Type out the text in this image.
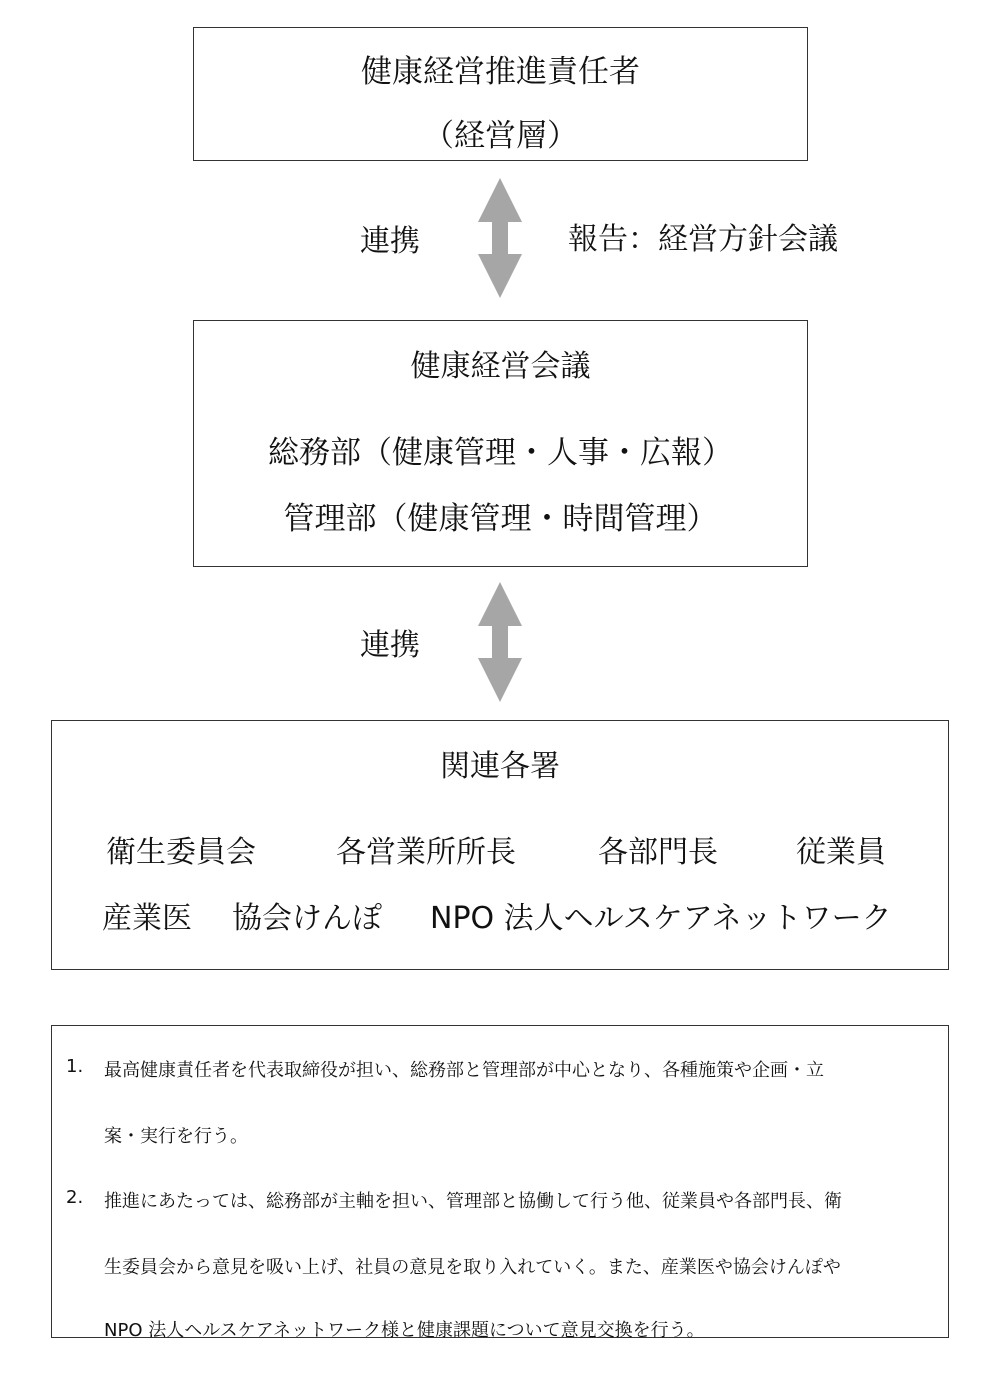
健康経営推進責任者
（経営層）
連携	報告：経営方針会議
健康経営会議
総務部（健康管理・人事・広報）
管理部（健康管理・時間管理）
連携
関連各署
衛生委員会	各営業所所長	各部門長	従業員
産業医 協会けんぽ NPO 法人ヘルスケアネットワーク
1. 最高健康責任者を代表取締役が担い、総務部と管理部が中心となり、各種施策や企画・立
案・実行を行う。
2. 推進にあたっては、総務部が主軸を担い、管理部と協働して行う他、従業員や各部門長、衛
生委員会から意見を吸い上げ、社員の意見を取り入れていく。また、産業医や協会けんぽや
NPO 法人ヘルスケアネットワーク様と健康課題について意見交換を行う。
